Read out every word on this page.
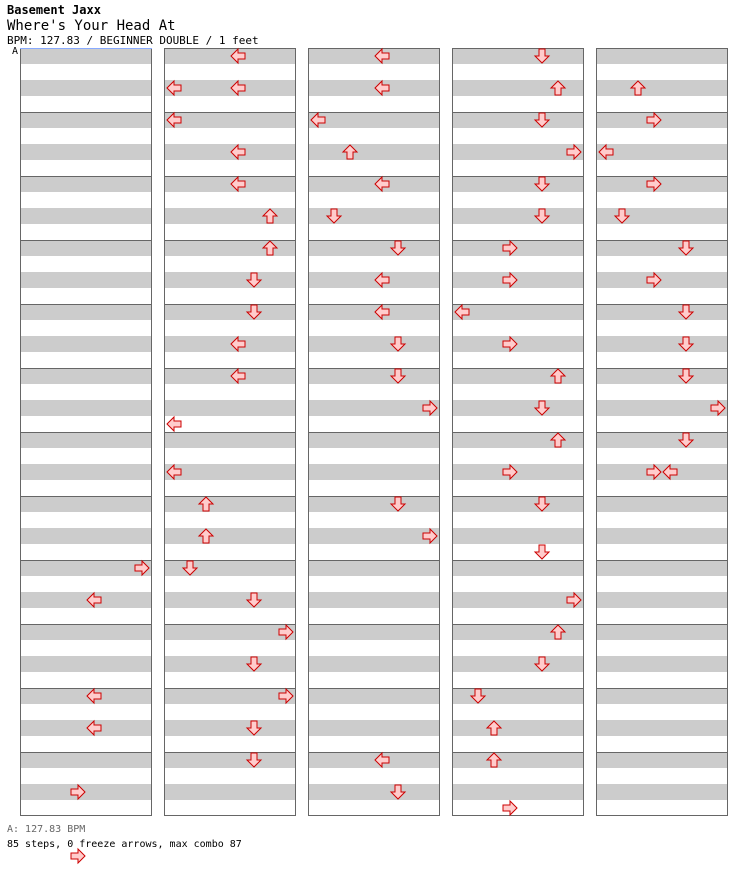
Basement Jaxx
Where's Your Head At
BPM: 127.83 / BEGINNER DOUBLE / 1 feet
A
A: 127.83 BPM
85 steps, 0 freeze arrows, max combo 87
